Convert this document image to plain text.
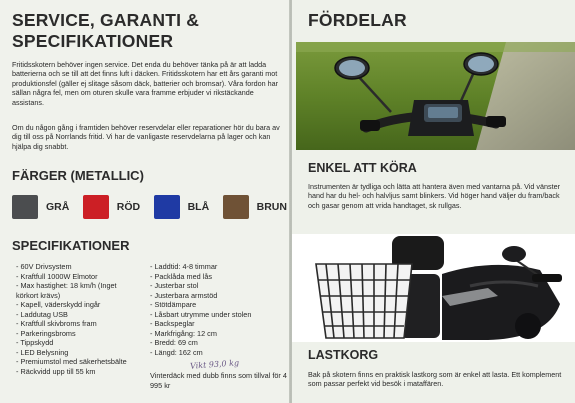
SERVICE, GARANTI &
SPECIFIKATIONER

Fritidsskotern behöver ingen service. Det enda du behöver tänka på är att ladda batterierna och se till att det finns luft i däcken. Fritidsskotern har ett års garanti mot produktionsfel (gäller ej slitage såsom däck, batterier och bromsar). Våra fordon har sällan några fel, men om oturen skulle vara framme erbjuder vi rikstäckande assistans.

Om du någon gång i framtiden behöver reservdelar eller reparationer hör du bara av dig till oss på Norrlands fritid. Vi har de vanligaste reservdelarna på lager och kan hjälpa dig snabbt.

FÄRGER (METALLIC)
GRÅ	RÖD	BLÅ	BRUN
SPECIFIKATIONER
- 60V Drivsystem
- Kraftfull 1000W Elmotor
- Max hastighet: 18 km/h (Inget
körkort krävs)
- Kapell, väderskydd ingår
- Laddutag USB
- Kraftfull skivbroms fram
- Parkeringsbroms
- Tippskydd
- LED Belysning
- Premiumstol med säkerhetsbälte
- Räckvidd upp till 55 km
- Laddtid: 4-8 timmar
- Packlåda med lås
- Justerbar stol
- Justerbara armstöd
- Stötdämpare
- Låsbart utrymme under stolen
- Backspeglar
- Markfrigång: 12 cm
- Bredd: 69 cm
- Längd: 162 cm
Vikt 93,0 kg

Vinterdäck med dubb finns som tillval för 4 995 kr

FÖRDELAR
ENKEL ATT KÖRA

Instrumenten är tydliga och lätta att hantera även med vantarna på. Vid vänster hand har du hel- och halvljus samt blinkers. Vid höger hand väljer du fram/back och gasar genom att vrida handtaget, sk rullgas.

LASTKORG

Bak på skotern finns en praktisk lastkorg som är enkel att lasta. Ett komplement som passar perfekt vid besök i mataffären.
